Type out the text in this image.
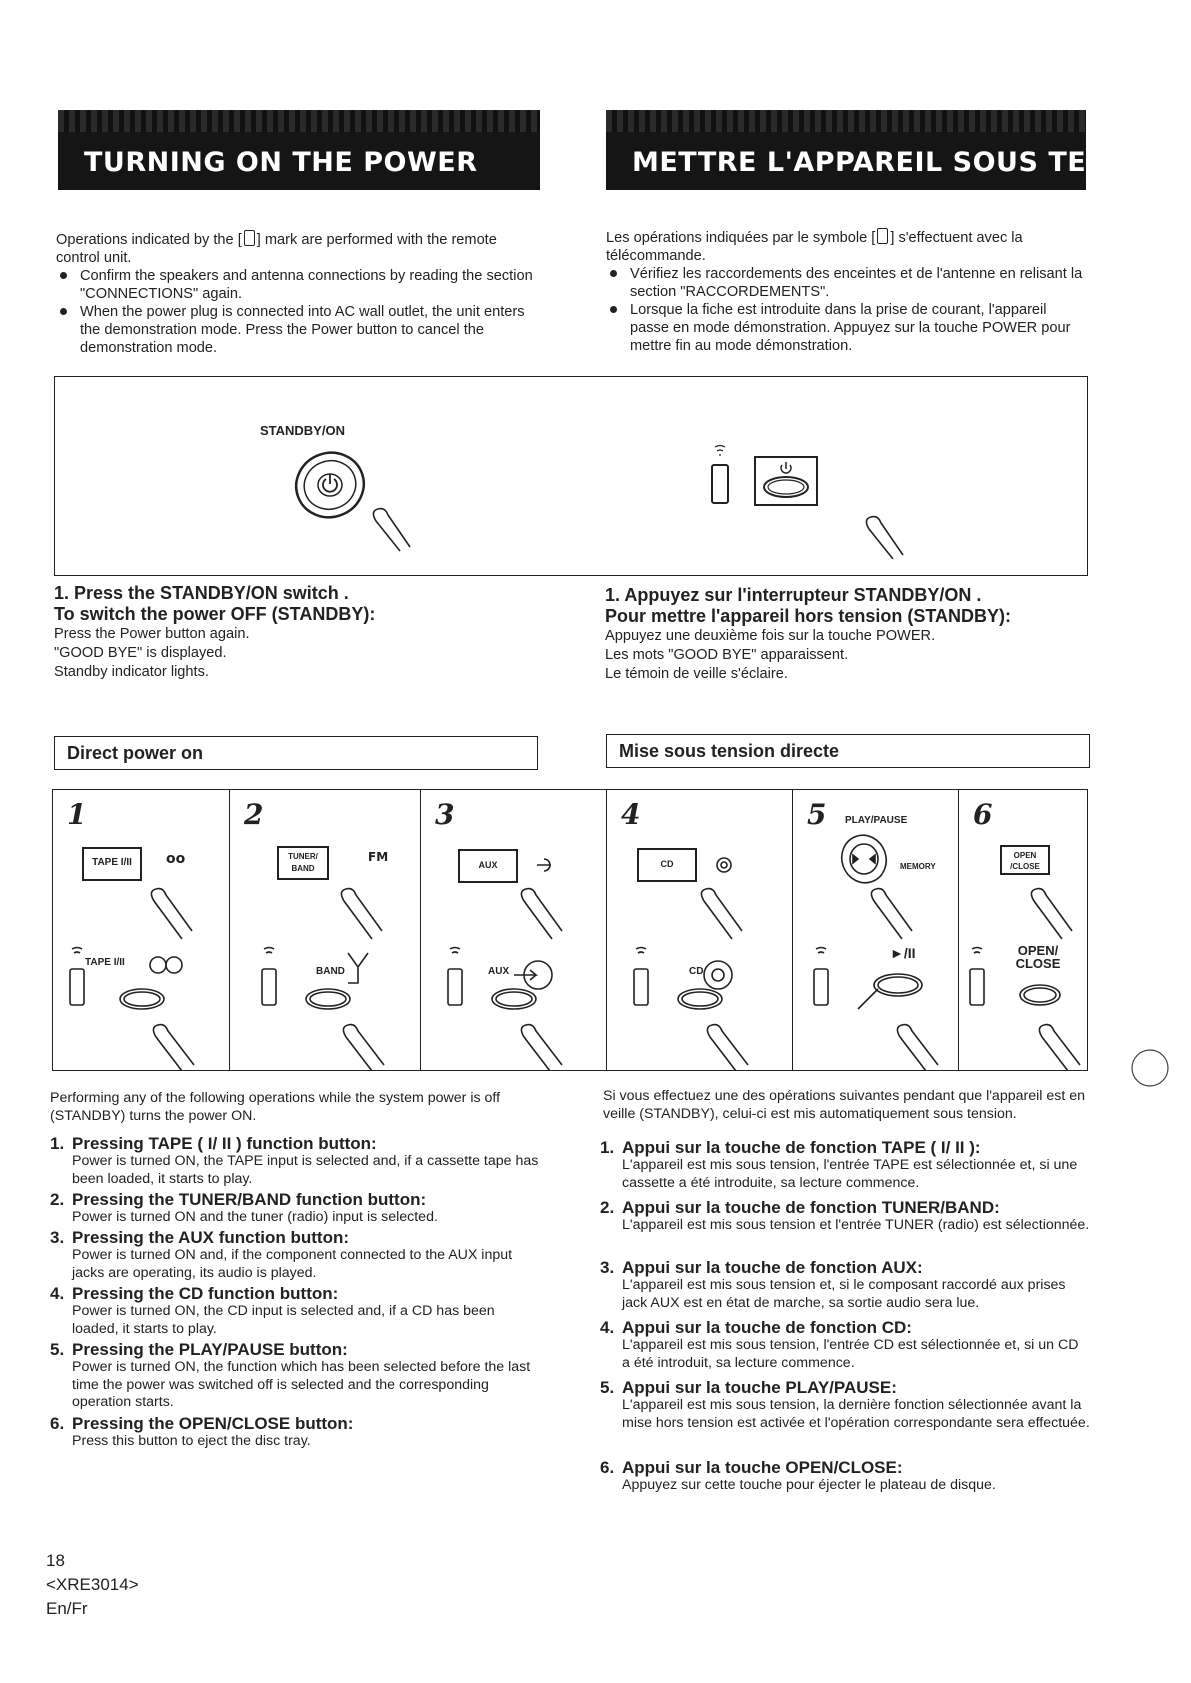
TURNING ON THE POWER	METTRE L'APPAREIL SOUS TENSION

Operations indicated by the [ ] mark are performed with the remote control unit.

Confirm the speakers and antenna connections by reading the section "CONNECTIONS" again.
When the power plug is connected into AC wall outlet, the unit enters the demonstration mode. Press the Power button to cancel the demonstration mode.

Les opérations indiquées par le symbole [ ] s'effectuent avec la télécommande.

Vérifiez les raccordements des enceintes et de l'antenne en relisant la section "RACCORDEMENTS".
Lorsque la fiche est introduite dans la prise de courant, l'appareil passe en mode démonstration. Appuyez sur la touche POWER pour mettre fin au mode démonstration.
STANDBY/ON
1. Press the STANDBY/ON switch .
To switch the power OFF (STANDBY):
Press the Power button again.
"GOOD BYE" is displayed.
Standby indicator lights.
1. Appuyez sur l'interrupteur STANDBY/ON .
Pour mettre l'appareil hors tension (STANDBY):
Appuyez une deuxième fois sur la touche POWER.
Les mots "GOOD BYE" apparaissent.
Le témoin de veille s'éclaire.
Direct power on	Mise sous tension directe
1	2	3	4	5	6
TAPE I/II
TAPE I/II
TUNER/ BAND
BAND
AUX
AUX
CD
CD
PLAY/PAUSE
MEMORY
►/II
OPEN /CLOSE
OPEN/ CLOSE
oo	FM
Performing any of the following operations while the system power is off (STANDBY) turns the power ON.
1. Pressing TAPE ( I/ II ) function button:
Power is turned ON, the TAPE input is selected and, if a cassette tape has been loaded, it starts to play.
2. Pressing the TUNER/BAND function button:
Power is turned ON and the tuner (radio) input is selected.
3. Pressing the AUX function button:
Power is turned ON and, if the component connected to the AUX input jacks are operating, its audio is played.
4. Pressing the CD function button:
Power is turned ON, the CD input is selected and, if a CD has been loaded, it starts to play.
5. Pressing the PLAY/PAUSE button:
Power is turned ON, the function which has been selected before the last time the power was switched off is selected and the corresponding operation starts.
6. Pressing the OPEN/CLOSE button:
Press this button to eject the disc tray.
Si vous effectuez une des opérations suivantes pendant que l'appareil est en veille (STANDBY), celui-ci est mis automatiquement sous tension.
1. Appui sur la touche de fonction TAPE ( I/ II ):
L'appareil est mis sous tension, l'entrée TAPE est sélectionnée et, si une cassette a été introduite, sa lecture commence.
2. Appui sur la touche de fonction TUNER/BAND:
L'appareil est mis sous tension et l'entrée TUNER (radio) est sélectionnée.
3. Appui sur la touche de fonction AUX:
L'appareil est mis sous tension et, si le composant raccordé aux prises jack AUX est en état de marche, sa sortie audio sera lue.
4. Appui sur la touche de fonction CD:
L'appareil est mis sous tension, l'entrée CD est sélectionnée et, si un CD a été introduit, sa lecture commence.
5. Appui sur la touche PLAY/PAUSE:
L'appareil est mis sous tension, la dernière fonction sélectionnée avant la mise hors tension est activée et l'opération correspondante sera effectuée.
6. Appui sur la touche OPEN/CLOSE:
Appuyez sur cette touche pour éjecter le plateau de disque.
18
<XRE3014>
En/Fr
